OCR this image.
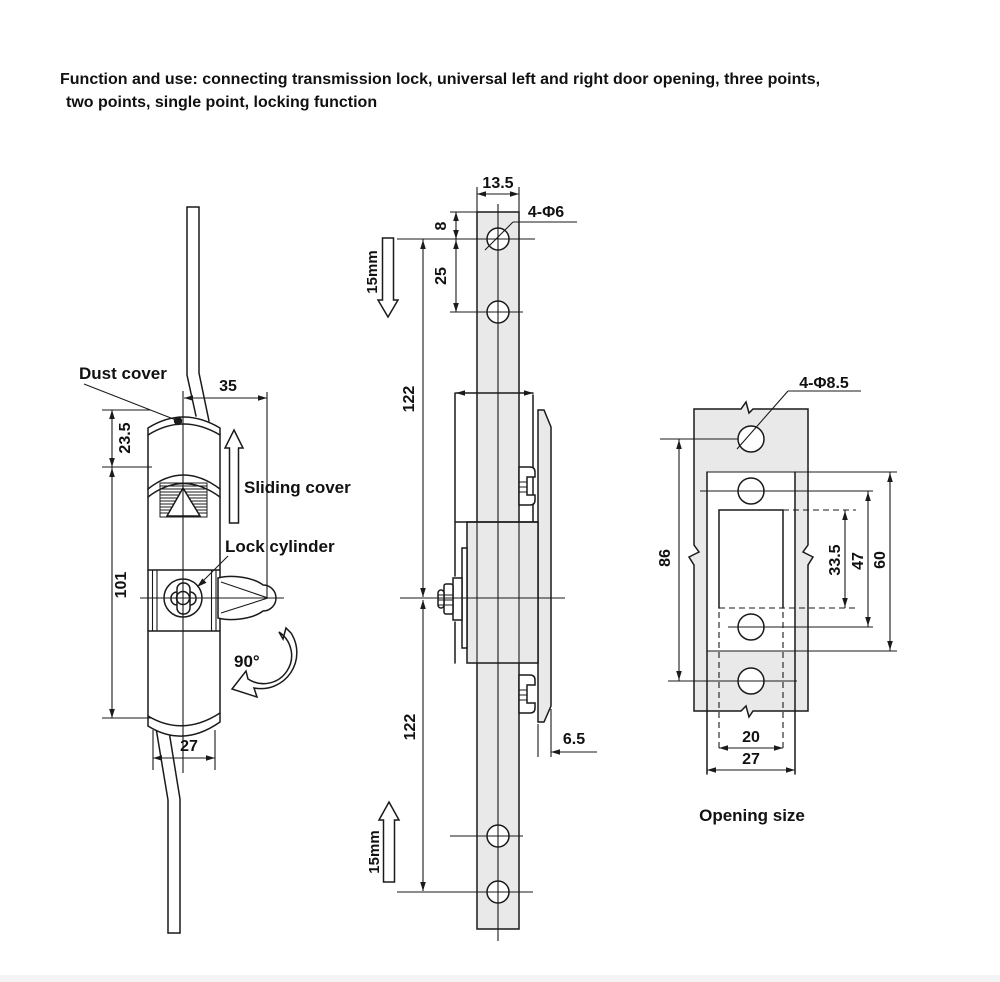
Function and use: connecting transmission lock, universal left and right door opening, three points,
two points, single point, locking function
35
23.5
101
27
Dust cover
Sliding cover
Lock cylinder
90°
13.5
8
25
122
122	6.5
4-Φ6
15mm
15mm
4-Φ8.5
86	33.5 47 60
20
27
Opening size
